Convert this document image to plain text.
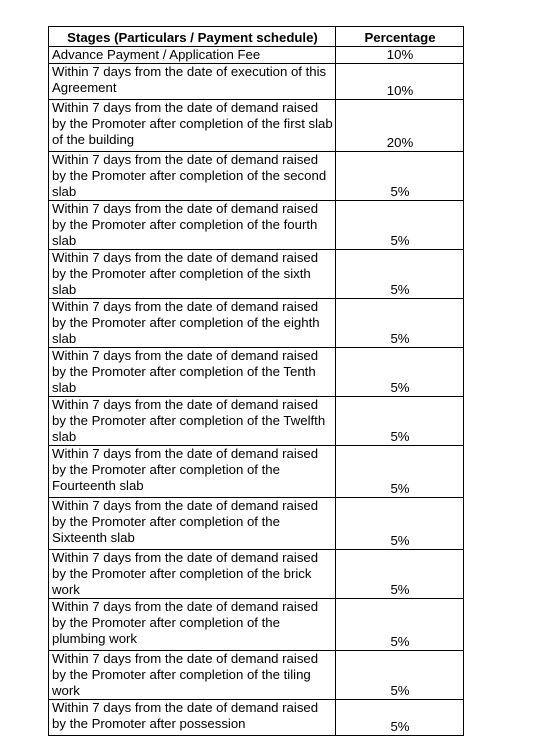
Stages (Particulars / Payment schedule)	Percentage
Advance Payment / Application Fee	10%
Within 7 days from the date of execution of this Agreement	10%
Within 7 days from the date of demand raised by the Promoter after completion of the first slab of the building	20%
Within 7 days from the date of demand raised by the Promoter after completion of the second slab	5%
Within 7 days from the date of demand raised by the Promoter after completion of the fourth slab	5%
Within 7 days from the date of demand raised by the Promoter after completion of the sixth slab	5%
Within 7 days from the date of demand raised by the Promoter after completion of the eighth slab	5%
Within 7 days from the date of demand raised by the Promoter after completion of the Tenth slab	5%
Within 7 days from the date of demand raised by the Promoter after completion of the Twelfth slab	5%
Within 7 days from the date of demand raised by the Promoter after completion of the Fourteenth slab	5%
Within 7 days from the date of demand raised by the Promoter after completion of the Sixteenth slab	5%
Within 7 days from the date of demand raised by the Promoter after completion of the brick work	5%
Within 7 days from the date of demand raised by the Promoter after completion of the plumbing work	5%
Within 7 days from the date of demand raised by the Promoter after completion of the tiling work	5%
Within 7 days from the date of demand raised by the Promoter after possession	5%
